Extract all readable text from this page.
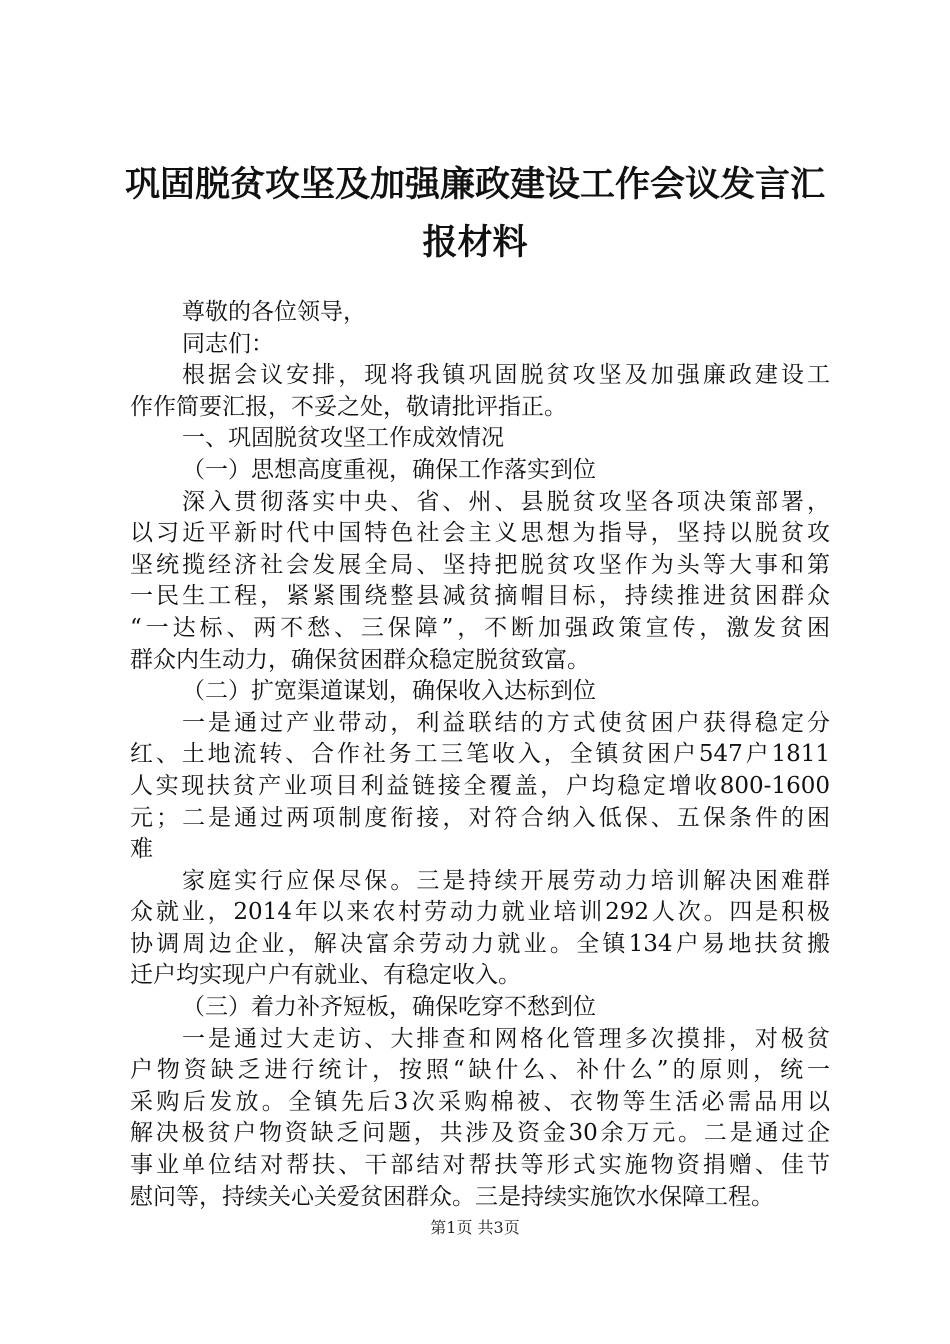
巩固脱贫攻坚及加强廉政建设工作会议发言汇
报材料
尊敬的各位领导，
同志们：
根据会议安排，现将我镇巩固脱贫攻坚及加强廉政建设工
作作简要汇报，不妥之处，敬请批评指正。
一、巩固脱贫攻坚工作成效情况
（一）思想高度重视，确保工作落实到位
深入贯彻落实中央、省、州、县脱贫攻坚各项决策部署，
以习近平新时代中国特色社会主义思想为指导，坚持以脱贫攻
坚统揽经济社会发展全局、坚持把脱贫攻坚作为头等大事和第
一民生工程，紧紧围绕整县减贫摘帽目标，持续推进贫困群众
“一达标、两不愁、三保障”，不断加强政策宣传，激发贫困
群众内生动力，确保贫困群众稳定脱贫致富。
（二）扩宽渠道谋划，确保收入达标到位
一是通过产业带动，利益联结的方式使贫困户获得稳定分
红、土地流转、合作社务工三笔收入，全镇贫困户547户1811
人实现扶贫产业项目利益链接全覆盖，户均稳定增收800-1600
元；二是通过两项制度衔接，对符合纳入低保、五保条件的困
难
家庭实行应保尽保。三是持续开展劳动力培训解决困难群
众就业，2014年以来农村劳动力就业培训292人次。四是积极
协调周边企业，解决富余劳动力就业。全镇134户易地扶贫搬
迁户均实现户户有就业、有稳定收入。
（三）着力补齐短板，确保吃穿不愁到位
一是通过大走访、大排查和网格化管理多次摸排，对极贫
户物资缺乏进行统计，按照“缺什么、补什么”的原则，统一
采购后发放。全镇先后3次采购棉被、衣物等生活必需品用以
解决极贫户物资缺乏问题，共涉及资金30余万元。二是通过企
事业单位结对帮扶、干部结对帮扶等形式实施物资捐赠、佳节
慰问等，持续关心关爱贫困群众。三是持续实施饮水保障工程。
第1页 共3页
